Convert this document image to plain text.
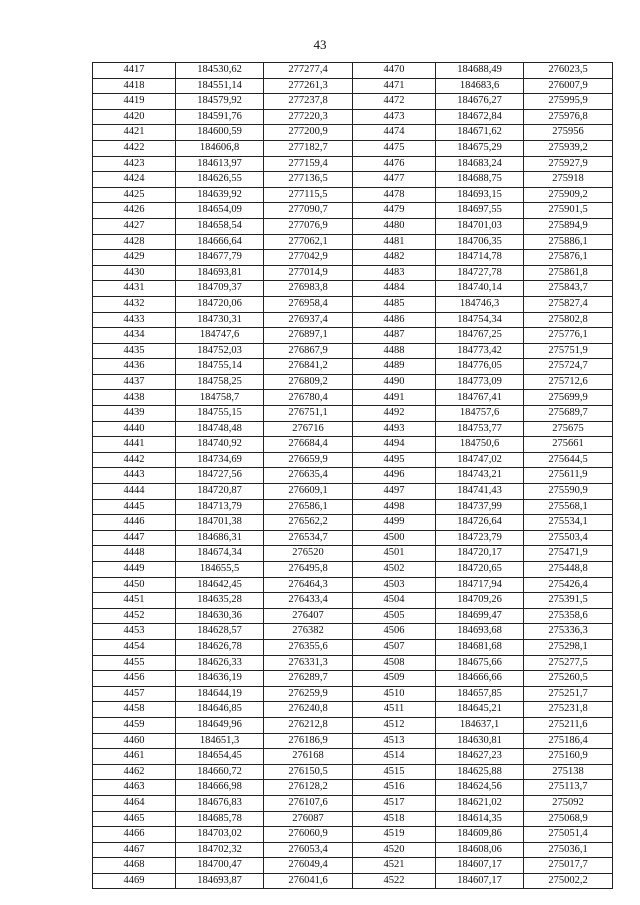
43
4417	184530,62	277277,4	4470	184688,49	276023,5
4418	184551,14	277261,3	4471	184683,6	276007,9
4419	184579,92	277237,8	4472	184676,27	275995,9
4420	184591,76	277220,3	4473	184672,84	275976,8
4421	184600,59	277200,9	4474	184671,62	275956
4422	184606,8	277182,7	4475	184675,29	275939,2
4423	184613,97	277159,4	4476	184683,24	275927,9
4424	184626,55	277136,5	4477	184688,75	275918
4425	184639,92	277115,5	4478	184693,15	275909,2
4426	184654,09	277090,7	4479	184697,55	275901,5
4427	184658,54	277076,9	4480	184701,03	275894,9
4428	184666,64	277062,1	4481	184706,35	275886,1
4429	184677,79	277042,9	4482	184714,78	275876,1
4430	184693,81	277014,9	4483	184727,78	275861,8
4431	184709,37	276983,8	4484	184740,14	275843,7
4432	184720,06	276958,4	4485	184746,3	275827,4
4433	184730,31	276937,4	4486	184754,34	275802,8
4434	184747,6	276897,1	4487	184767,25	275776,1
4435	184752,03	276867,9	4488	184773,42	275751,9
4436	184755,14	276841,2	4489	184776,05	275724,7
4437	184758,25	276809,2	4490	184773,09	275712,6
4438	184758,7	276780,4	4491	184767,41	275699,9
4439	184755,15	276751,1	4492	184757,6	275689,7
4440	184748,48	276716	4493	184753,77	275675
4441	184740,92	276684,4	4494	184750,6	275661
4442	184734,69	276659,9	4495	184747,02	275644,5
4443	184727,56	276635,4	4496	184743,21	275611,9
4444	184720,87	276609,1	4497	184741,43	275590,9
4445	184713,79	276586,1	4498	184737,99	275568,1
4446	184701,38	276562,2	4499	184726,64	275534,1
4447	184686,31	276534,7	4500	184723,79	275503,4
4448	184674,34	276520	4501	184720,17	275471,9
4449	184655,5	276495,8	4502	184720,65	275448,8
4450	184642,45	276464,3	4503	184717,94	275426,4
4451	184635,28	276433,4	4504	184709,26	275391,5
4452	184630,36	276407	4505	184699,47	275358,6
4453	184628,57	276382	4506	184693,68	275336,3
4454	184626,78	276355,6	4507	184681,68	275298,1
4455	184626,33	276331,3	4508	184675,66	275277,5
4456	184636,19	276289,7	4509	184666,66	275260,5
4457	184644,19	276259,9	4510	184657,85	275251,7
4458	184646,85	276240,8	4511	184645,21	275231,8
4459	184649,96	276212,8	4512	184637,1	275211,6
4460	184651,3	276186,9	4513	184630,81	275186,4
4461	184654,45	276168	4514	184627,23	275160,9
4462	184660,72	276150,5	4515	184625,88	275138
4463	184666,98	276128,2	4516	184624,56	275113,7
4464	184676,83	276107,6	4517	184621,02	275092
4465	184685,78	276087	4518	184614,35	275068,9
4466	184703,02	276060,9	4519	184609,86	275051,4
4467	184702,32	276053,4	4520	184608,06	275036,1
4468	184700,47	276049,4	4521	184607,17	275017,7
4469	184693,87	276041,6	4522	184607,17	275002,2
